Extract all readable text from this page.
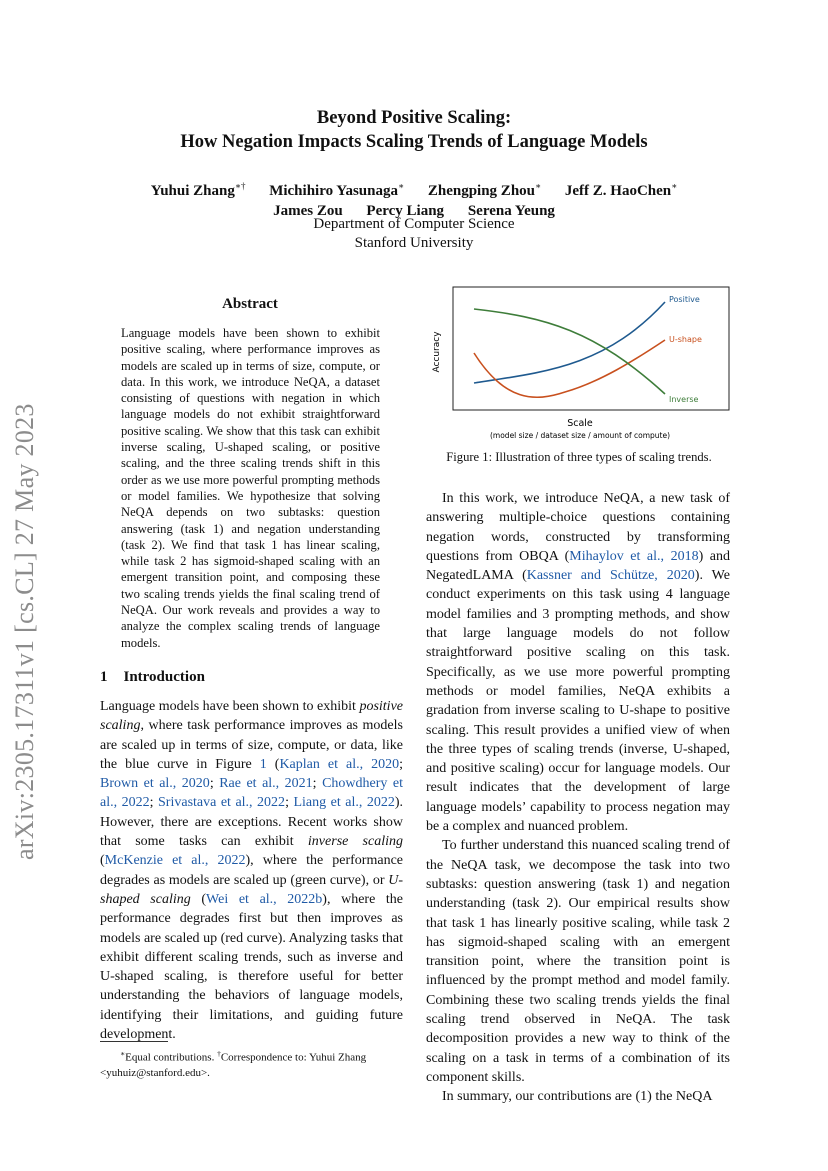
Beyond Positive Scaling:
How Negation Impacts Scaling Trends of Language Models
Yuhui Zhang∗† Michihiro Yasunaga∗ Zhengping Zhou∗ Jeff Z. HaoChen∗
James Zou Percy Liang Serena Yeung
Department of Computer Science
Stanford University
arXiv:2305.17311v1 [cs.CL] 27 May 2023
Abstract

Language models have been shown to exhibit positive scaling, where performance improves as models are scaled up in terms of size, compute, or data. In this work, we introduce NeQA, a dataset consisting of questions with negation in which language models do not exhibit straightforward positive scaling. We show that this task can exhibit inverse scaling, U-shaped scaling, or positive scaling, and the three scaling trends shift in this order as we use more powerful prompting methods or model families. We hypothesize that solving NeQA depends on two subtasks: question answering (task 1) and negation understanding (task 2). We find that task 1 has linear scaling, while task 2 has sigmoid-shaped scaling with an emergent transition point, and composing these two scaling trends yields the final scaling trend of NeQA. Our work reveals and provides a way to analyze the complex scaling trends of language models.

1 Introduction

Language models have been shown to exhibit positive scaling, where task performance improves as models are scaled up in terms of size, compute, or data, like the blue curve in Figure 1 (Kaplan et al., 2020; Brown et al., 2020; Rae et al., 2021; Chowdhery et al., 2022; Srivastava et al., 2022; Liang et al., 2022). However, there are exceptions. Recent works show that some tasks can exhibit inverse scaling (McKenzie et al., 2022), where the performance degrades as models are scaled up (green curve), or U-shaped scaling (Wei et al., 2022b), where the performance degrades first but then improves as models are scaled up (red curve). Analyzing tasks that exhibit different scaling trends, such as inverse and U-shaped scaling, is therefore useful for better understanding the behaviors of language models, identifying their limitations, and guiding future development.

∗Equal contributions. †Correspondence to: Yuhui Zhang <yuhuiz@stanford.edu>.
Accuracy
Scale
(model size / dataset size / amount of compute)
Positive
U-shape
Inverse
Figure 1: Illustration of three types of scaling trends.

In this work, we introduce NeQA, a new task of answering multiple-choice questions containing negation words, constructed by transforming questions from OBQA (Mihaylov et al., 2018) and NegatedLAMA (Kassner and Schütze, 2020). We conduct experiments on this task using 4 language model families and 3 prompting methods, and show that large language models do not follow straightforward positive scaling on this task. Specifically, as we use more powerful prompting methods or model families, NeQA exhibits a gradation from inverse scaling to U-shape to positive scaling. This result provides a unified view of when the three types of scaling trends (inverse, U-shaped, and positive scaling) occur for language models. Our result indicates that the development of large language models’ capability to process negation may be a complex and nuanced problem.

To further understand this nuanced scaling trend of the NeQA task, we decompose the task into two subtasks: question answering (task 1) and negation understanding (task 2). Our empirical results show that task 1 has linearly positive scaling, while task 2 has sigmoid-shaped scaling with an emergent transition point, where the transition point is influenced by the prompt method and model family. Combining these two scaling trends yields the final scaling trend observed in NeQA. The task decomposition provides a new way to think of the scaling on a task in terms of a combination of its component skills.

In summary, our contributions are (1) the NeQA
